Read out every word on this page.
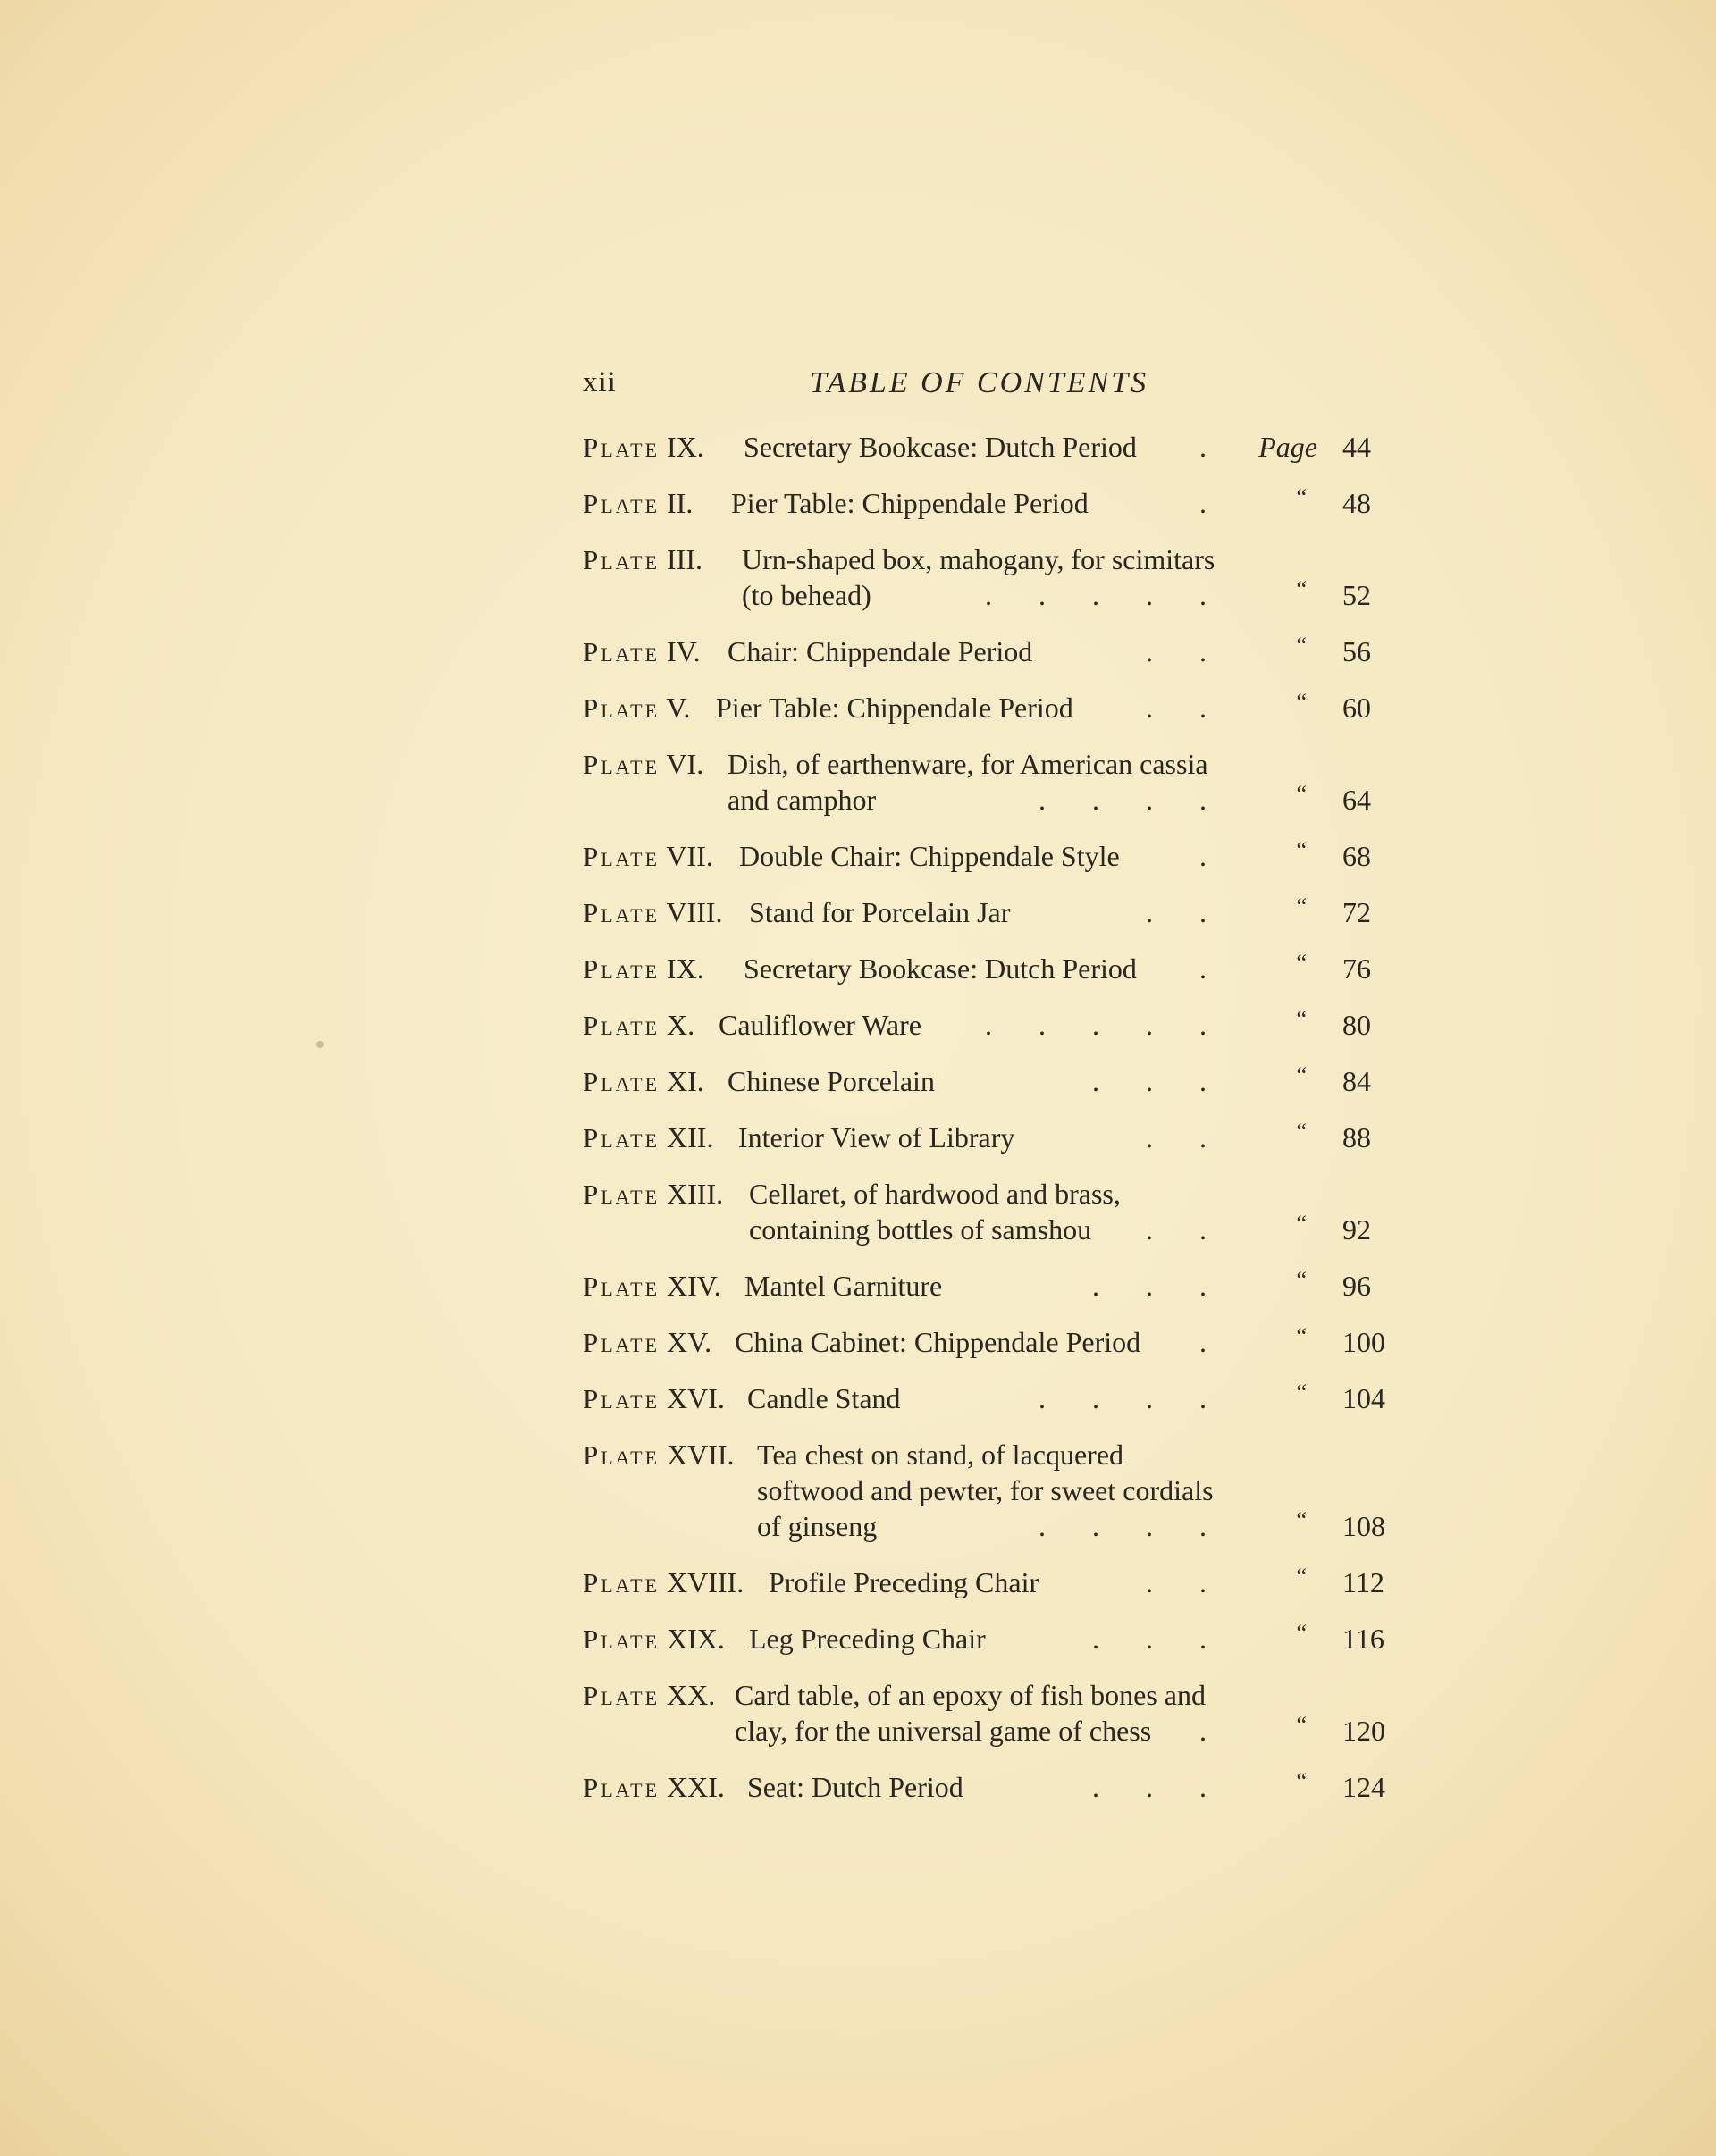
xii	TABLE OF CONTENTS
Plate IX. Secretary Bookcase: Dutch Period	. Page 44
Plate II. Pier Table: Chippendale Period	.	“ 48
Plate III. Urn-shaped box, mahogany, for scimitars
(to behead)	.     .     .     .     .	“ 52
Plate IV. Chair: Chippendale Period	.     .	“ 56
Plate V. Pier Table: Chippendale Period	.     .	“ 60
Plate VI. Dish, of earthenware, for American cassia
and camphor	.     .     .     .	“ 64
Plate VII. Double Chair: Chippendale Style	.	“ 68
Plate VIII. Stand for Porcelain Jar	.     .	“ 72
Plate IX. Secretary Bookcase: Dutch Period	.	“ 76
Plate X. Cauliflower Ware	.     .     .     .     .	“ 80
Plate XI. Chinese Porcelain	.     .     .	“ 84
Plate XII. Interior View of Library	.     .	“ 88
Plate XIII. Cellaret, of hardwood and brass,
containing bottles of samshou	.     .	“ 92
Plate XIV. Mantel Garniture	.     .     .	“ 96
Plate XV. China Cabinet: Chippendale Period	.	“ 100
Plate XVI. Candle Stand	.     .     .     .	“ 104
Plate XVII. Tea chest on stand, of lacquered
softwood and pewter, for sweet cordials
of ginseng	.     .     .     .	“ 108
Plate XVIII. Profile Preceding Chair	.     .	“ 112
Plate XIX. Leg Preceding Chair	.     .     .	“ 116
Plate XX. Card table, of an epoxy of fish bones and
clay, for the universal game of chess	.	“ 120
Plate XXI. Seat: Dutch Period	.     .     .	“ 124
